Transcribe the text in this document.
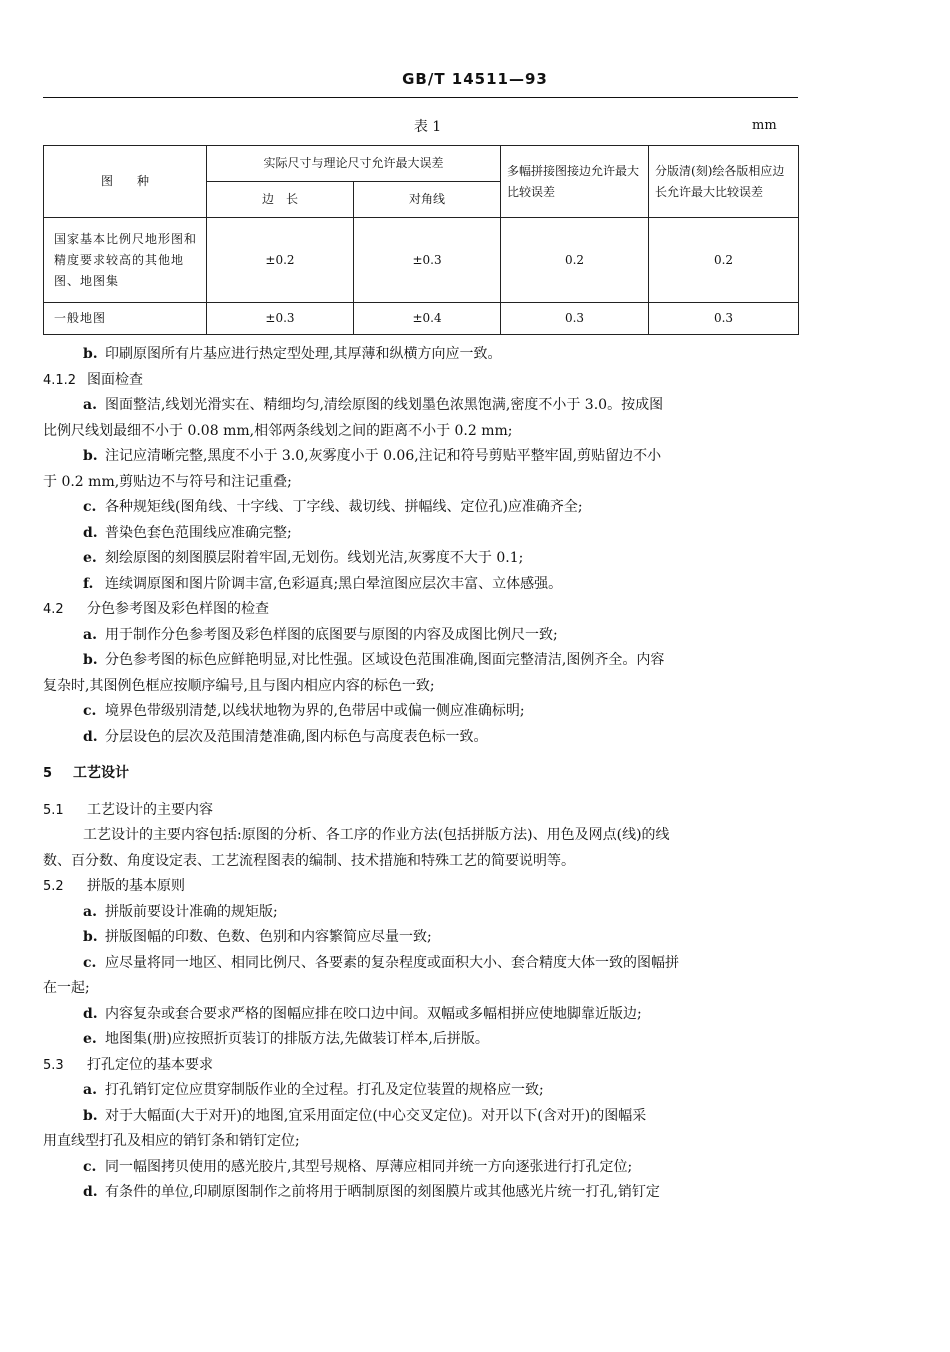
GB/T 14511—93
表 1	mm
图　　种	实际尺寸与理论尺寸允许最大误差		多幅拼接图接边允许最大比较误差	分版清(刻)绘各版相应边长允许最大比较误差
	边　长	对角线		
国家基本比例尺地形图和精度要求较高的其他地图、地图集	±0.2	±0.3	0.2	0.2
一般地图	±0.3	±0.4	0.3	0.3
b. 印刷原图所有片基应进行热定型处理,其厚薄和纵横方向应一致。
4.1.2 图面检查
a. 图面整洁,线划光滑实在、精细均匀,清绘原图的线划墨色浓黑饱满,密度不小于 3.0。按成图
比例尺线划最细不小于 0.08 mm,相邻两条线划之间的距离不小于 0.2 mm;
b. 注记应清晰完整,黑度不小于 3.0,灰雾度小于 0.06,注记和符号剪贴平整牢固,剪贴留边不小
于 0.2 mm,剪贴边不与符号和注记重叠;
c. 各种规矩线(图角线、十字线、丁字线、裁切线、拼幅线、定位孔)应准确齐全;
d. 普染色套色范围线应准确完整;
e. 刻绘原图的刻图膜层附着牢固,无划伤。线划光洁,灰雾度不大于 0.1;
f. 连续调原图和图片阶调丰富,色彩逼真;黑白晕渲图应层次丰富、立体感强。
4.2 分色参考图及彩色样图的检查
a. 用于制作分色参考图及彩色样图的底图要与原图的内容及成图比例尺一致;
b. 分色参考图的标色应鲜艳明显,对比性强。区域设色范围准确,图面完整清洁,图例齐全。内容
复杂时,其图例色框应按顺序编号,且与图内相应内容的标色一致;
c. 境界色带级别清楚,以线状地物为界的,色带居中或偏一侧应准确标明;
d. 分层设色的层次及范围清楚准确,图内标色与高度表色标一致。
5 工艺设计
5.1 工艺设计的主要内容
工艺设计的主要内容包括:原图的分析、各工序的作业方法(包括拼版方法)、用色及网点(线)的线
数、百分数、角度设定表、工艺流程图表的编制、技术措施和特殊工艺的简要说明等。
5.2 拼版的基本原则
a. 拼版前要设计准确的规矩版;
b. 拼版图幅的印数、色数、色别和内容繁简应尽量一致;
c. 应尽量将同一地区、相同比例尺、各要素的复杂程度或面积大小、套合精度大体一致的图幅拼
在一起;
d. 内容复杂或套合要求严格的图幅应排在咬口边中间。双幅或多幅相拼应使地脚靠近版边;
e. 地图集(册)应按照折页装订的排版方法,先做装订样本,后拼版。
5.3 打孔定位的基本要求
a. 打孔销钉定位应贯穿制版作业的全过程。打孔及定位装置的规格应一致;
b. 对于大幅面(大于对开)的地图,宜采用面定位(中心交叉定位)。对开以下(含对开)的图幅采
用直线型打孔及相应的销钉条和销钉定位;
c. 同一幅图拷贝使用的感光胶片,其型号规格、厚薄应相同并统一方向逐张进行打孔定位;
d. 有条件的单位,印刷原图制作之前将用于晒制原图的刻图膜片或其他感光片统一打孔,销钉定
